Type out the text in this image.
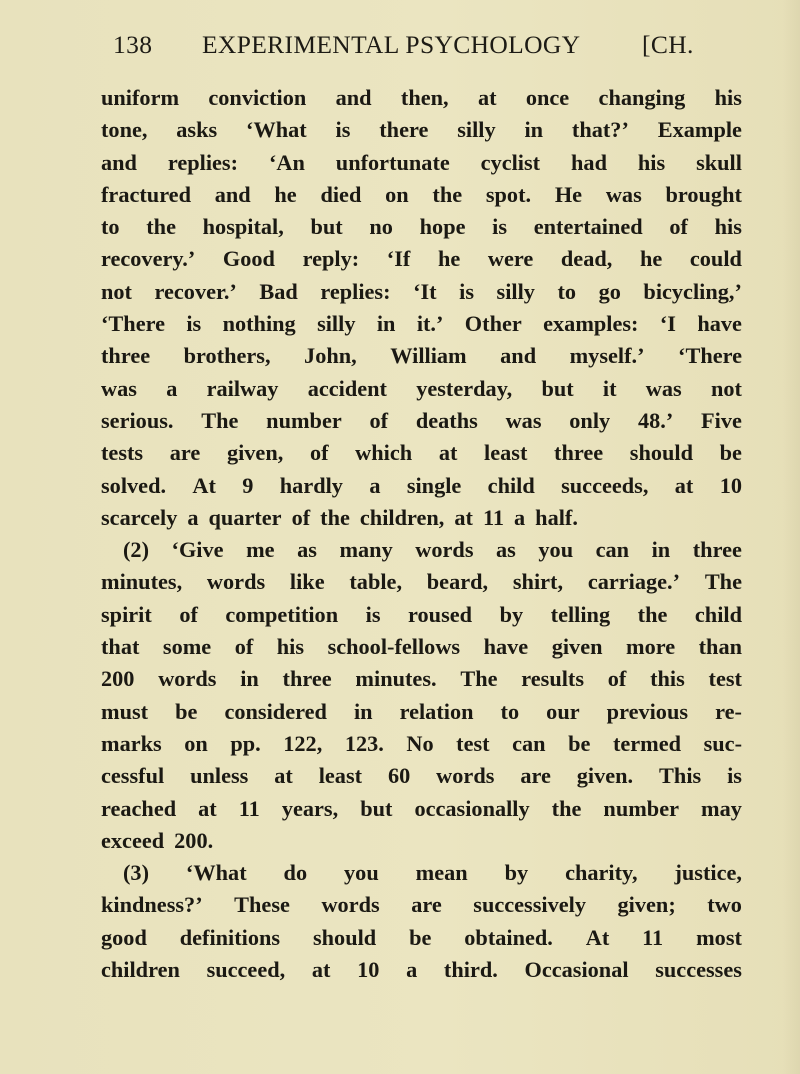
138 EXPERIMENTAL PSYCHOLOGY [CH.
uniform conviction and then, at once changing his
tone, asks ‘What is there silly in that?’ Example
and replies: ‘An unfortunate cyclist had his skull
fractured and he died on the spot. He was brought
to the hospital, but no hope is entertained of his
recovery.’ Good reply: ‘If he were dead, he could
not recover.’ Bad replies: ‘It is silly to go bicycling,’
‘There is nothing silly in it.’ Other examples: ‘I have
three brothers, John, William and myself.’ ‘There
was a railway accident yesterday, but it was not
serious. The number of deaths was only 48.’ Five
tests are given, of which at least three should be
solved. At 9 hardly a single child succeeds, at 10
scarcely a quarter of the children, at 11 a half.
(2) ‘Give me as many words as you can in three
minutes, words like table, beard, shirt, carriage.’ The
spirit of competition is roused by telling the child
that some of his school-fellows have given more than
200 words in three minutes. The results of this test
must be considered in relation to our previous re-
marks on pp. 122, 123. No test can be termed suc-
cessful unless at least 60 words are given. This is
reached at 11 years, but occasionally the number may
exceed 200.
(3) ‘What do you mean by charity, justice,
kindness?’ These words are successively given; two
good definitions should be obtained. At 11 most
children succeed, at 10 a third. Occasional successes
